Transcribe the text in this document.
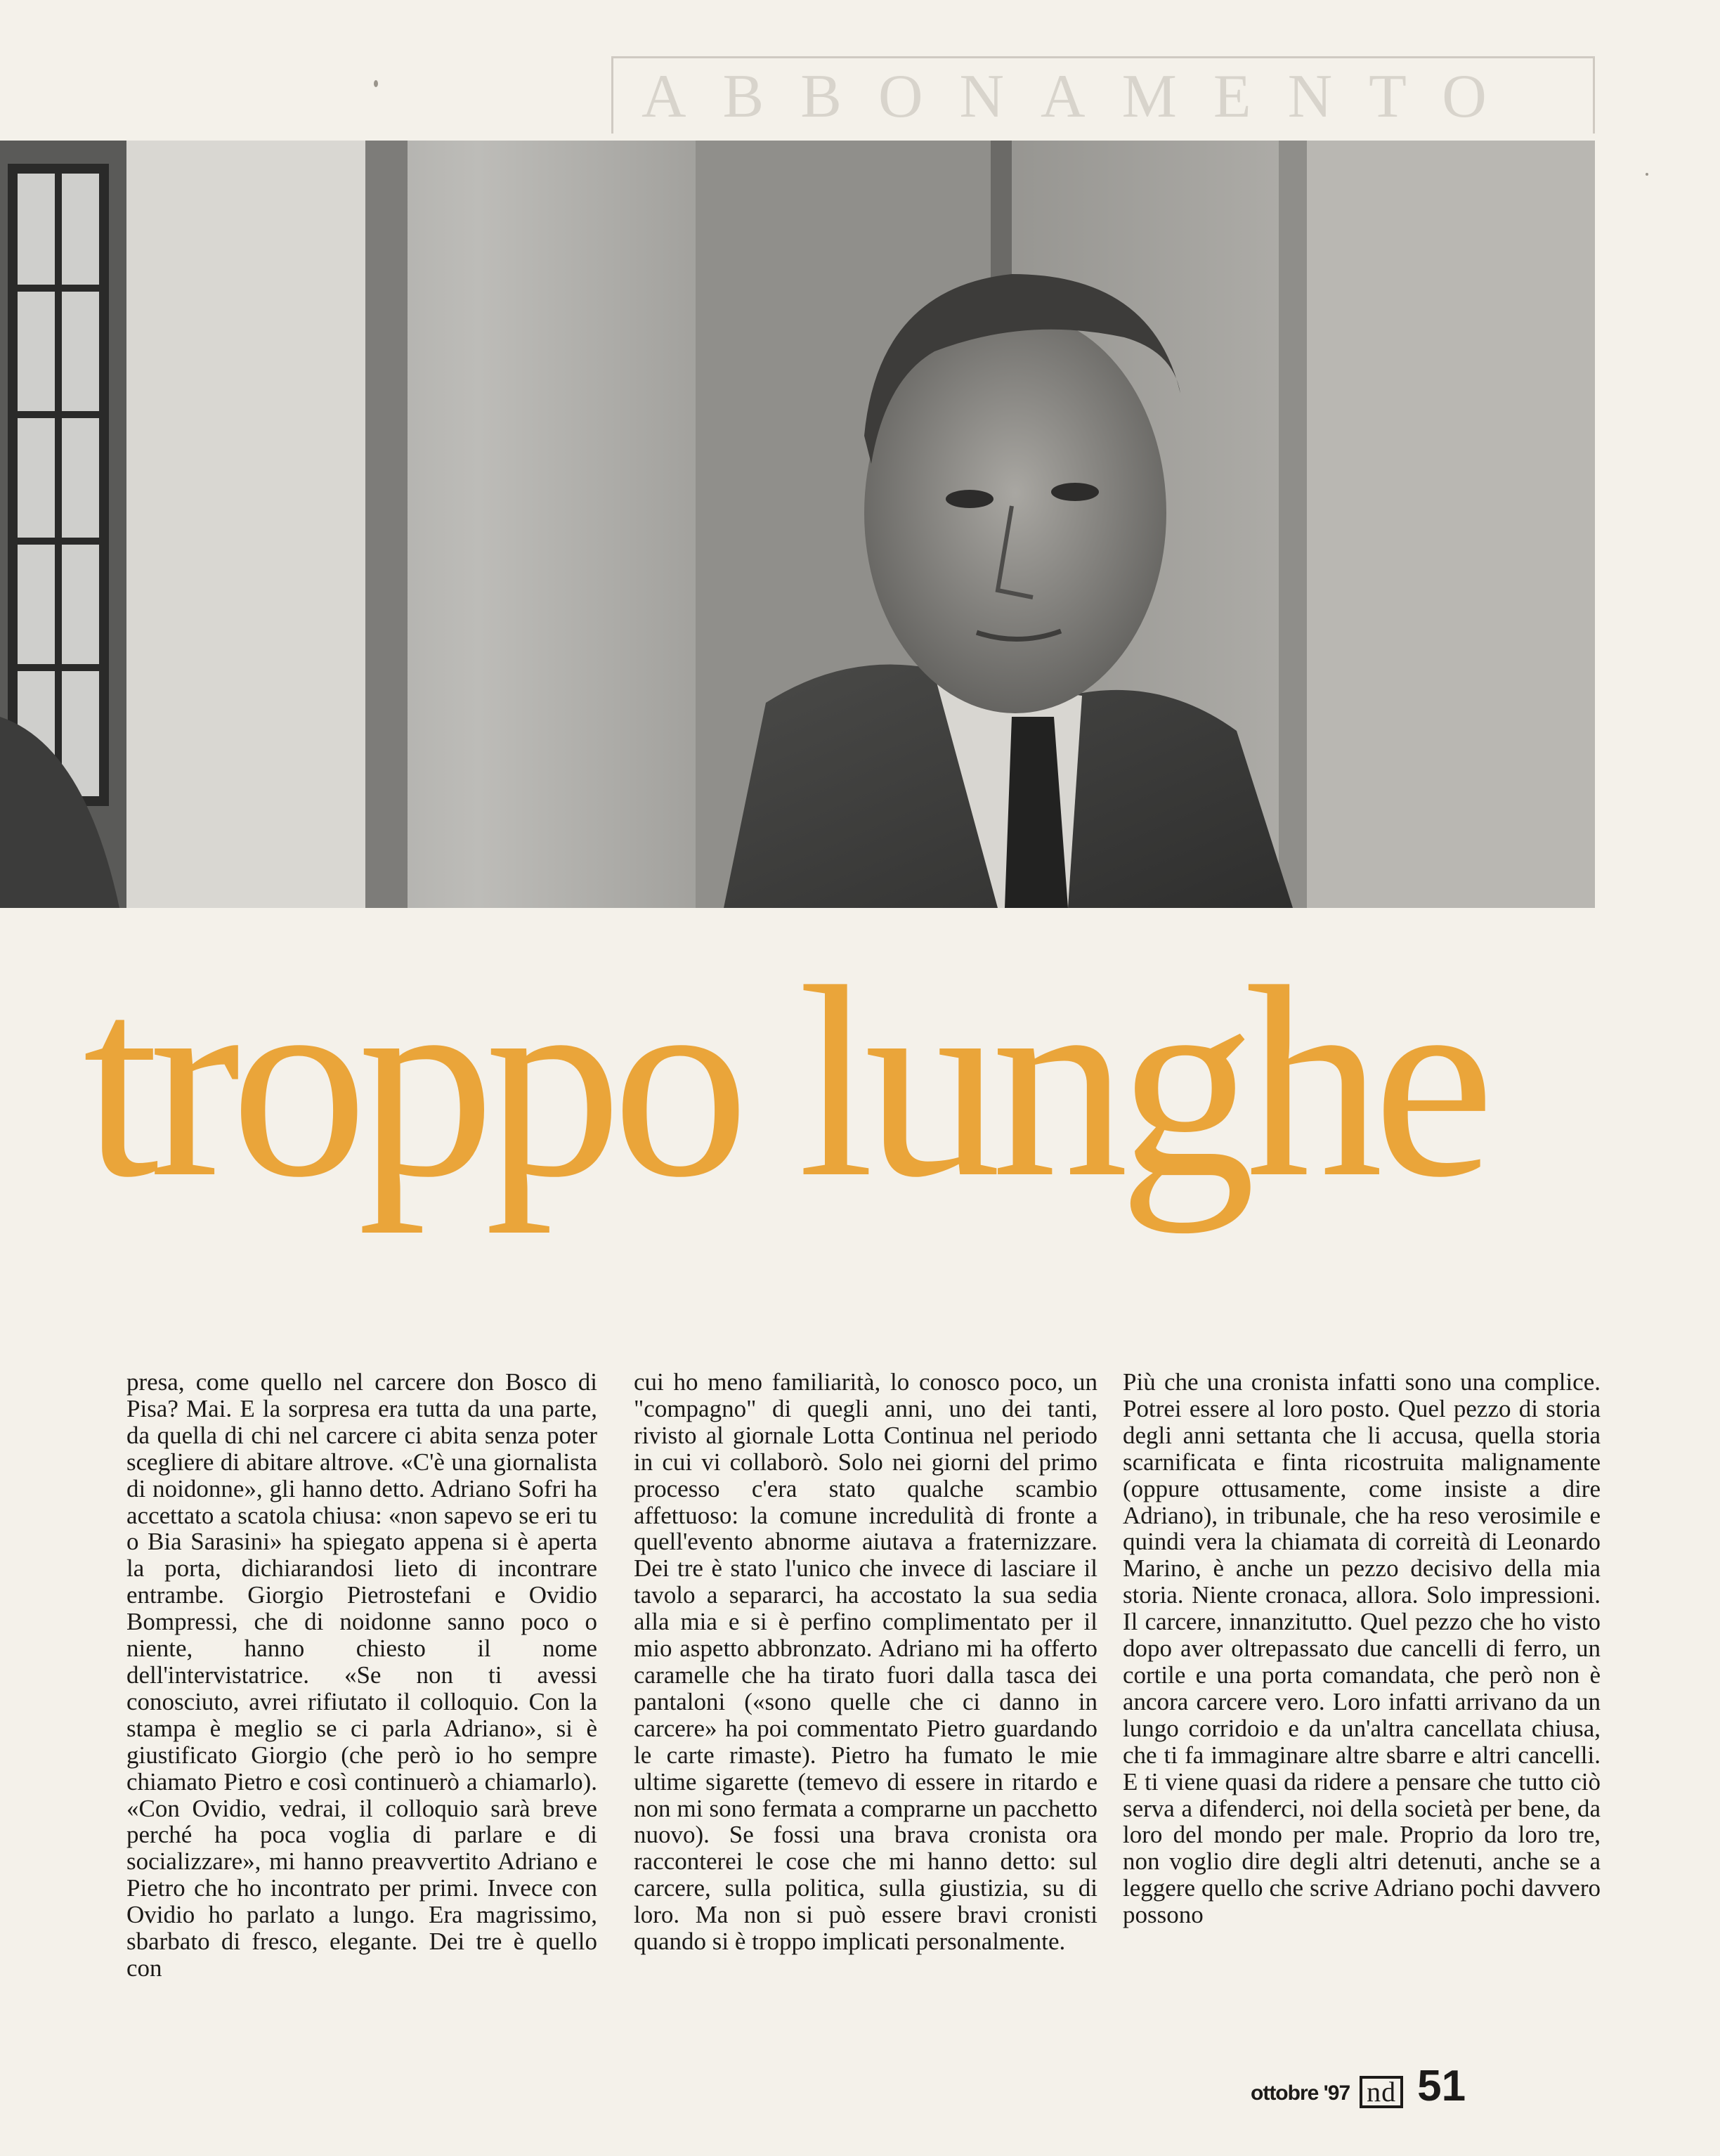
ABBONAMENTO
troppo lunghe

presa, come quello nel carcere don Bosco di Pisa? Mai. E la sorpresa era tutta da una parte, da quella di chi nel carcere ci abita senza poter scegliere di abitare altrove. «C'è una giornalista di noidonne», gli hanno detto. Adriano Sofri ha accettato a scatola chiusa: «non sapevo se eri tu o Bia Sarasini» ha spiegato appena si è aperta la porta, dichiarandosi lieto di incontrare entrambe. Giorgio Pietrostefani e Ovidio Bompressi, che di noidonne sanno poco o niente, hanno chiesto il nome dell'intervistatrice. «Se non ti avessi conosciuto, avrei rifiutato il colloquio. Con la stampa è meglio se ci parla Adriano», si è giustificato Giorgio (che però io ho sempre chiamato Pietro e così continuerò a chiamarlo). «Con Ovidio, vedrai, il colloquio sarà breve perché ha poca voglia di parlare e di socializzare», mi hanno preavvertito Adriano e Pietro che ho incontrato per primi. Invece con Ovidio ho parlato a lungo. Era magrissimo, sbarbato di fresco, elegante. Dei tre è quello con

cui ho meno familiarità, lo conosco poco, un "compagno" di quegli anni, uno dei tanti, rivisto al giornale Lotta Continua nel periodo in cui vi collaborò. Solo nei giorni del primo processo c'era stato qualche scambio affettuoso: la comune incredulità di fronte a quell'evento abnorme aiutava a fraternizzare. Dei tre è stato l'unico che invece di lasciare il tavolo a separarci, ha accostato la sua sedia alla mia e si è perfino complimentato per il mio aspetto abbronzato. Adriano mi ha offerto caramelle che ha tirato fuori dalla tasca dei pantaloni («sono quelle che ci danno in carcere» ha poi commentato Pietro guardando le carte rimaste). Pietro ha fumato le mie ultime sigarette (temevo di essere in ritardo e non mi sono fermata a comprarne un pacchetto nuovo). Se fossi una brava cronista ora racconterei le cose che mi hanno detto: sul carcere, sulla politica, sulla giustizia, su di loro. Ma non si può essere bravi cronisti quando si è troppo implicati personalmente.

Più che una cronista infatti sono una complice. Potrei essere al loro posto. Quel pezzo di storia degli anni settanta che li accusa, quella storia scarnificata e finta ricostruita malignamente (oppure ottusamente, come insiste a dire Adriano), in tribunale, che ha reso verosimile e quindi vera la chiamata di correità di Leonardo Marino, è anche un pezzo decisivo della mia storia. Niente cronaca, allora. Solo impressioni. Il carcere, innanzitutto. Quel pezzo che ho visto dopo aver oltrepassato due cancelli di ferro, un cortile e una porta comandata, che però non è ancora carcere vero. Loro infatti arrivano da un lungo corridoio e da un'altra cancellata chiusa, che ti fa immaginare altre sbarre e altri cancelli. E ti viene quasi da ridere a pensare che tutto ciò serva a difenderci, noi della società per bene, da loro del mondo per male. Proprio da loro tre, non voglio dire degli altri detenuti, anche se a leggere quello che scrive Adriano pochi davvero possono

ottobre '97 nd 51
